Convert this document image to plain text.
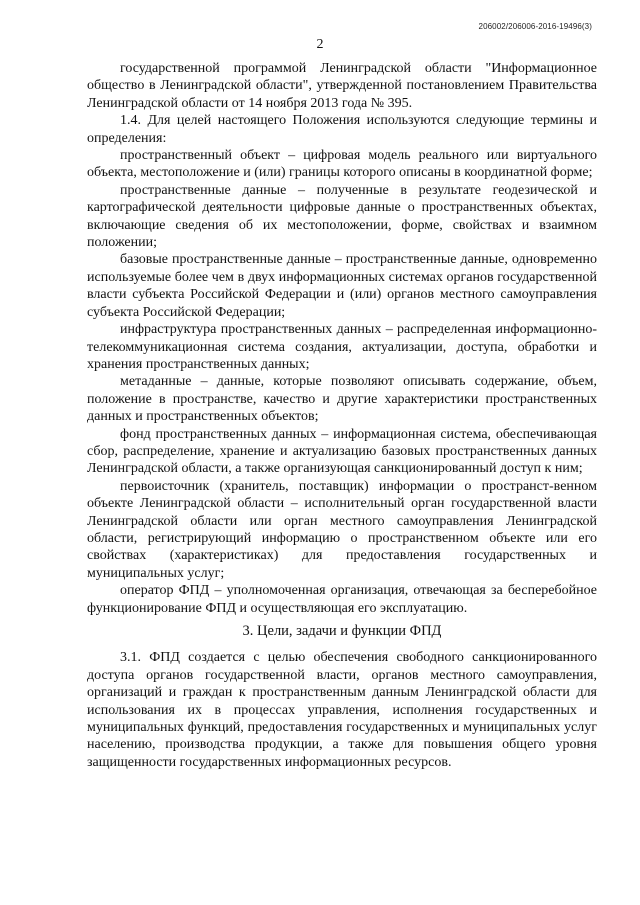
206002/206006-2016-19496(3)
2

государственной программой Ленинградской области "Информационное общество в Ленинградской области", утвержденной постановлением Правительства Ленинградской области от 14 ноября 2013 года № 395.

1.4. Для целей настоящего Положения используются следующие термины и определения:

пространственный объект – цифровая модель реального или виртуального объекта, местоположение и (или) границы которого описаны в координатной форме;

пространственные данные – полученные в результате геодезической и картографической деятельности цифровые данные о пространственных объектах, включающие сведения об их местоположении, форме, свойствах и взаимном положении;

базовые пространственные данные – пространственные данные, одновременно используемые более чем в двух информационных системах органов государственной власти субъекта Российской Федерации и (или) органов местного самоуправления субъекта Российской Федерации;

инфраструктура пространственных данных – распределенная информационно-телекоммуникационная система создания, актуализации, доступа, обработки и хранения пространственных данных;

метаданные – данные, которые позволяют описывать содержание, объем, положение в пространстве, качество и другие характеристики пространственных данных и пространственных объектов;

фонд пространственных данных – информационная система, обеспечивающая сбор, распределение, хранение и актуализацию базовых пространственных данных Ленинградской области, а также организующая санкционированный доступ к ним;

первоисточник (хранитель, поставщик) информации о пространст-венном объекте Ленинградской области – исполнительный орган государственной власти Ленинградской области или орган местного самоуправления Ленинградской области, регистрирующий информацию о пространственном объекте или его свойствах (характеристиках) для предоставления государственных и муниципальных услуг;

оператор ФПД – уполномоченная организация, отвечающая за бесперебойное функционирование ФПД и осуществляющая его эксплуатацию.

3. Цели, задачи и функции ФПД

3.1. ФПД создается с целью обеспечения свободного санкционированного доступа органов государственной власти, органов местного самоуправления, организаций и граждан к пространственным данным Ленинградской области для использования их в процессах управления, исполнения государственных и муниципальных функций, предоставления государственных и муниципальных услуг населению, производства продукции, а также для повышения общего уровня защищенности государственных информационных ресурсов.
